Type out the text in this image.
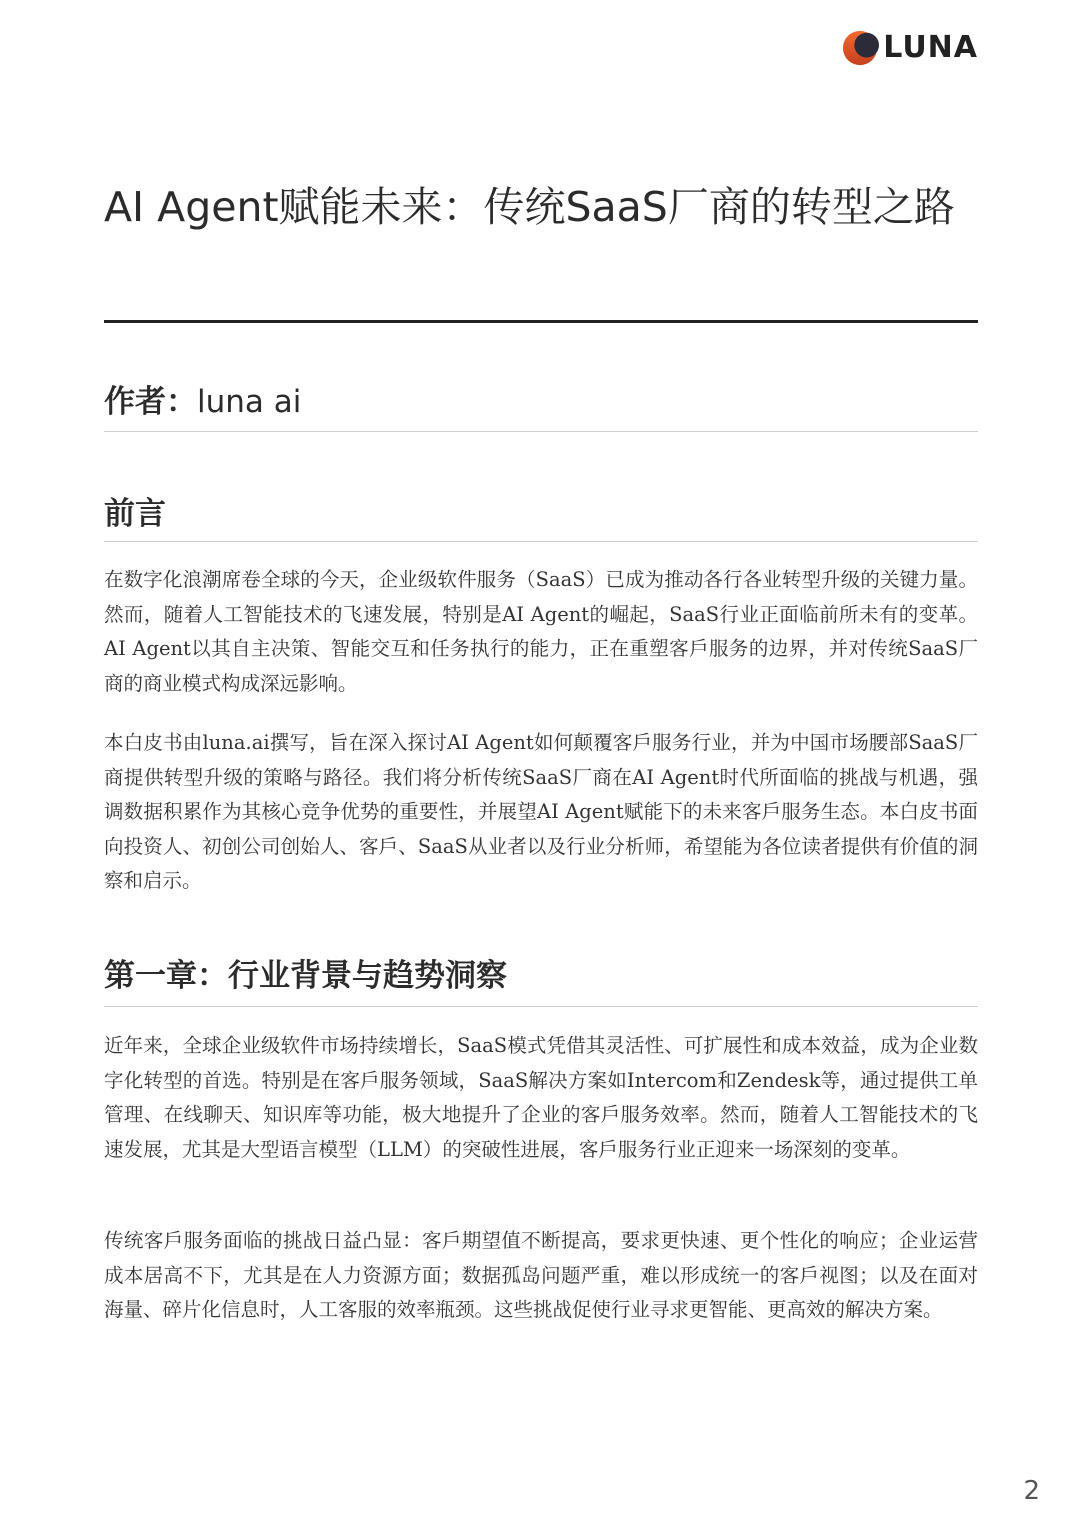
LUNA
AI Agent赋能未来：传统SaaS厂商的转型之路
作者：luna ai
前言

在数字化浪潮席卷全球的今天，企业级软件服务（SaaS）已成为推动各行各业转型升级的关键力量。然而，随着人工智能技术的飞速发展，特别是AI Agent的崛起，SaaS行业正面临前所未有的变革。AI Agent以其自主决策、智能交互和任务执行的能力，正在重塑客戶服务的边界，并对传统SaaS厂商的商业模式构成深远影响。

本白皮书由luna.ai撰写，旨在深入探讨AI Agent如何颠覆客戶服务行业，并为中国市场腰部SaaS厂商提供转型升级的策略与路径。我们将分析传统SaaS厂商在AI Agent时代所面临的挑战与机遇，强调数据积累作为其核心竞争优势的重要性，并展望AI Agent赋能下的未来客戶服务生态。本白皮书面向投资人、初创公司创始人、客戶、SaaS从业者以及行业分析师，希望能为各位读者提供有价值的洞察和启示。

第一章：行业背景与趋势洞察

近年来，全球企业级软件市场持续增长，SaaS模式凭借其灵活性、可扩展性和成本效益，成为企业数字化转型的首选。特别是在客戶服务领域，SaaS解决方案如Intercom和Zendesk等，通过提供工单管理、在线聊天、知识库等功能，极大地提升了企业的客戶服务效率。然而，随着人工智能技术的飞速发展，尤其是大型语言模型（LLM）的突破性进展，客戶服务行业正迎来一场深刻的变革。

传统客戶服务面临的挑战日益凸显：客戶期望值不断提高，要求更快速、更个性化的响应；企业运营成本居高不下，尤其是在人力资源方面；数据孤岛问题严重，难以形成统一的客戶视图；以及在面对海量、碎片化信息时，人工客服的效率瓶颈。这些挑战促使行业寻求更智能、更高效的解决方案。

2
